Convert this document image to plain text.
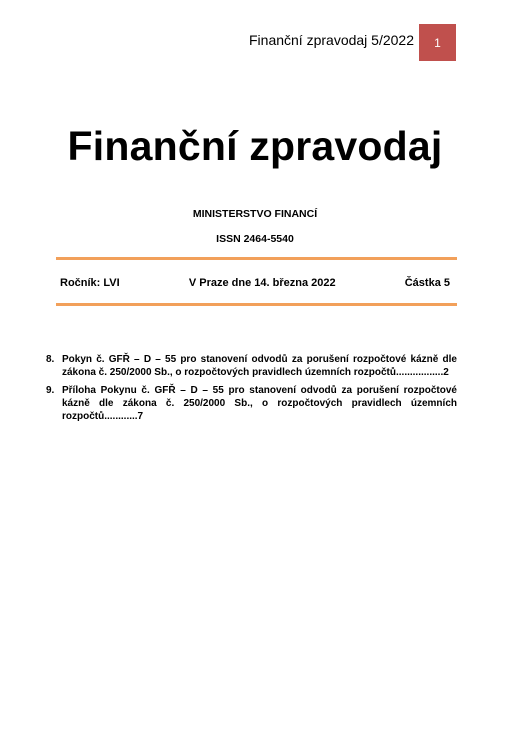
Finanční zpravodaj 5/2022 1
Finanční zpravodaj
MINISTERSTVO FINANCÍ
ISSN 2464-5540
Ročník: LVI	V Praze dne 14. března 2022	Částka 5
8. Pokyn č. GFŘ – D – 55 pro stanovení odvodů za porušení rozpočtové kázně dle zákona č. 250/2000 Sb., o rozpočtových pravidlech územních rozpočtů.................2
9. Příloha Pokynu č. GFŘ – D – 55 pro stanovení odvodů za porušení rozpočtové kázně dle zákona č. 250/2000 Sb., o rozpočtových pravidlech územních rozpočtů............7
